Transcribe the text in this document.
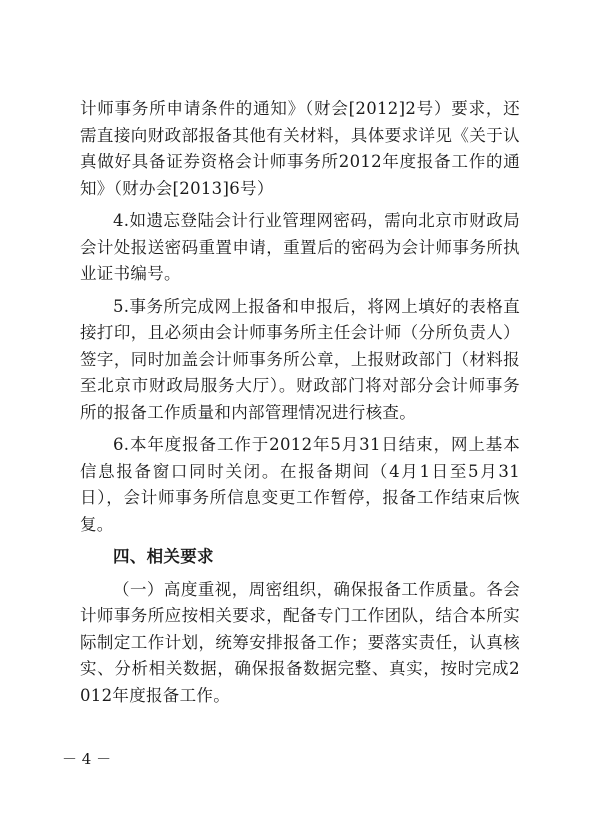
计师事务所申请条件的通知》（财会[2012]2号）要求，还需直接向财政部报备其他有关材料，具体要求详见《关于认真做好具备证券资格会计师事务所2012年度报备工作的通知》（财办会[2013]6号）

4.如遗忘登陆会计行业管理网密码，需向北京市财政局会计处报送密码重置申请，重置后的密码为会计师事务所执业证书编号。

5.事务所完成网上报备和申报后，将网上填好的表格直接打印，且必须由会计师事务所主任会计师（分所负责人）签字，同时加盖会计师事务所公章，上报财政部门（材料报至北京市财政局服务大厅）。财政部门将对部分会计师事务所的报备工作质量和内部管理情况进行核查。

6.本年度报备工作于2012年5月31日结束，网上基本信息报备窗口同时关闭。在报备期间（4月1日至5月31日），会计师事务所信息变更工作暂停，报备工作结束后恢复。

四、相关要求

（一）高度重视，周密组织，确保报备工作质量。各会计师事务所应按相关要求，配备专门工作团队，结合本所实际制定工作计划，统筹安排报备工作；要落实责任，认真核实、分析相关数据，确保报备数据完整、真实，按时完成2012年度报备工作。

－ 4 －
